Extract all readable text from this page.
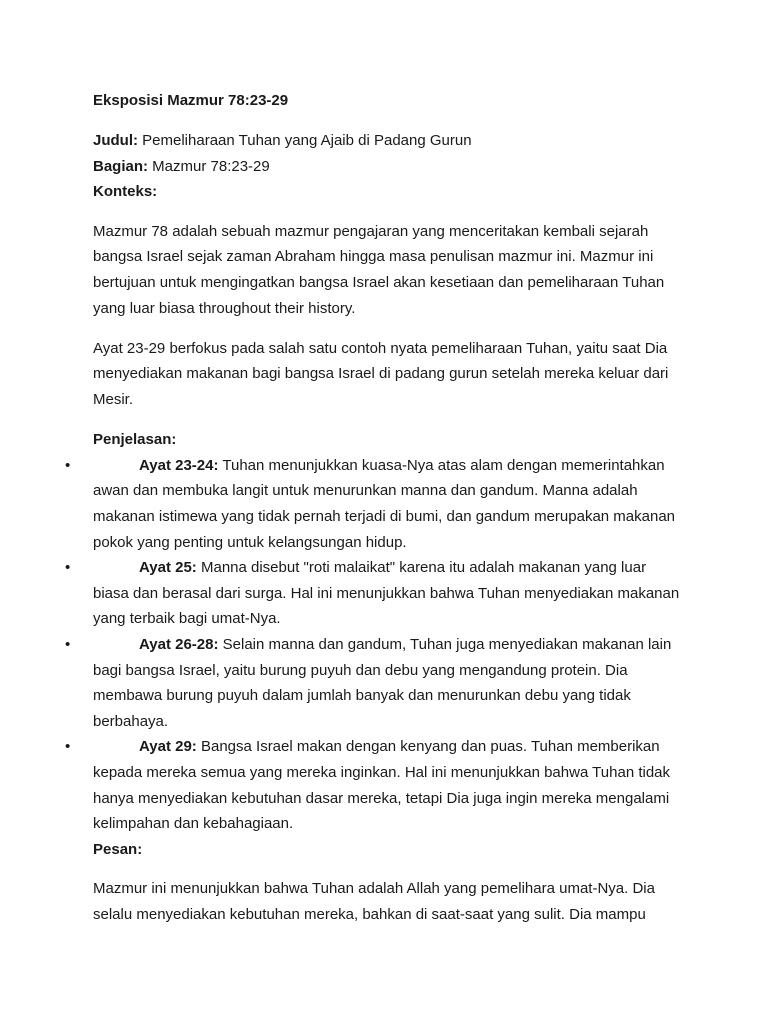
Eksposisi Mazmur 78:23-29

Judul: Pemeliharaan Tuhan yang Ajaib di Padang Gurun

Bagian: Mazmur 78:23-29

Konteks:

Mazmur 78 adalah sebuah mazmur pengajaran yang menceritakan kembali sejarah bangsa Israel sejak zaman Abraham hingga masa penulisan mazmur ini. Mazmur ini bertujuan untuk mengingatkan bangsa Israel akan kesetiaan dan pemeliharaan Tuhan yang luar biasa throughout their history.

Ayat 23-29 berfokus pada salah satu contoh nyata pemeliharaan Tuhan, yaitu saat Dia menyediakan makanan bagi bangsa Israel di padang gurun setelah mereka keluar dari Mesir.

Penjelasan:

•	Ayat 23-24: Tuhan menunjukkan kuasa-Nya atas alam dengan memerintahkan awan dan membuka langit untuk menurunkan manna dan gandum. Manna adalah makanan istimewa yang tidak pernah terjadi di bumi, dan gandum merupakan makanan pokok yang penting untuk kelangsungan hidup.
•	Ayat 25: Manna disebut "roti malaikat" karena itu adalah makanan yang luar biasa dan berasal dari surga. Hal ini menunjukkan bahwa Tuhan menyediakan makanan yang terbaik bagi umat-Nya.
•	Ayat 26-28: Selain manna dan gandum, Tuhan juga menyediakan makanan lain bagi bangsa Israel, yaitu burung puyuh dan debu yang mengandung protein. Dia membawa burung puyuh dalam jumlah banyak dan menurunkan debu yang tidak berbahaya.
•	Ayat 29: Bangsa Israel makan dengan kenyang dan puas. Tuhan memberikan kepada mereka semua yang mereka inginkan. Hal ini menunjukkan bahwa Tuhan tidak hanya menyediakan kebutuhan dasar mereka, tetapi Dia juga ingin mereka mengalami kelimpahan dan kebahagiaan.

Pesan:

Mazmur ini menunjukkan bahwa Tuhan adalah Allah yang pemelihara umat-Nya. Dia selalu menyediakan kebutuhan mereka, bahkan di saat-saat yang sulit. Dia mampu
